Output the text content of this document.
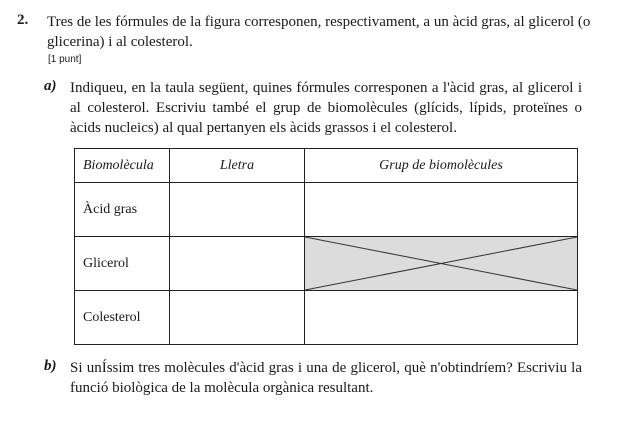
2. Tres de les fórmules de la figura corresponen, respectivament, a un àcid gras, al glicerol (o glicerina) i al colesterol.
[1 punt]
a) Indiqueu, en la taula següent, quines fórmules corresponen a l'àcid gras, al glicerol i al colesterol. Escriviu també el grup de biomolècules (glícids, lípids, proteïnes o àcids nucleics) al qual pertanyen els àcids grassos i el colesterol.
Biomolècula	Lletra	Grup de biomolècules
Àcid gras		
Glicerol		

Colesterol		
b) Si unÍssim tres molècules d'àcid gras i una de glicerol, què n'obtindríem? Escriviu la funció biològica de la molècula orgànica resultant.
